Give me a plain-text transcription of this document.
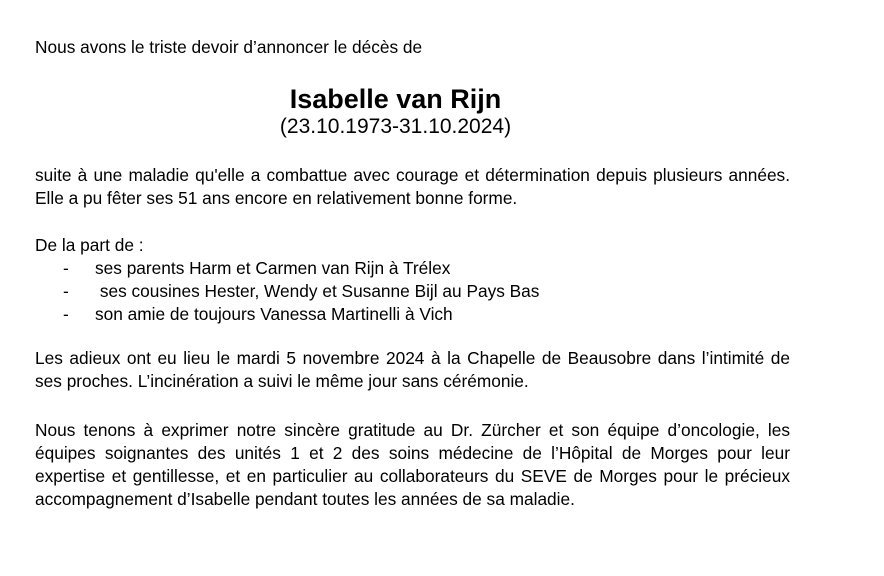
Nous avons le triste devoir d’annoncer le décès de

Isabelle van Rijn

(23.10.1973-31.10.2024)

suite à une maladie qu'elle a combattue avec courage et détermination depuis plusieurs années. Elle a pu fêter ses 51 ans encore en relativement bonne forme.

De la part de :

-	ses parents Harm et Carmen van Rijn à Trélex
-	ses cousines Hester, Wendy et Susanne Bijl au Pays Bas
-	son amie de toujours Vanessa Martinelli à Vich

Les adieux ont eu lieu le mardi 5 novembre 2024 à la Chapelle de Beausobre dans l’intimité de ses proches. L’incinération a suivi le même jour sans cérémonie.

Nous tenons à exprimer notre sincère gratitude au Dr. Zürcher et son équipe d’oncologie, les équipes soignantes des unités 1 et 2 des soins médecine de l’Hôpital de Morges pour leur expertise et gentillesse, et en particulier au collaborateurs du SEVE de Morges pour le précieux accompagnement d’Isabelle pendant toutes les années de sa maladie.
